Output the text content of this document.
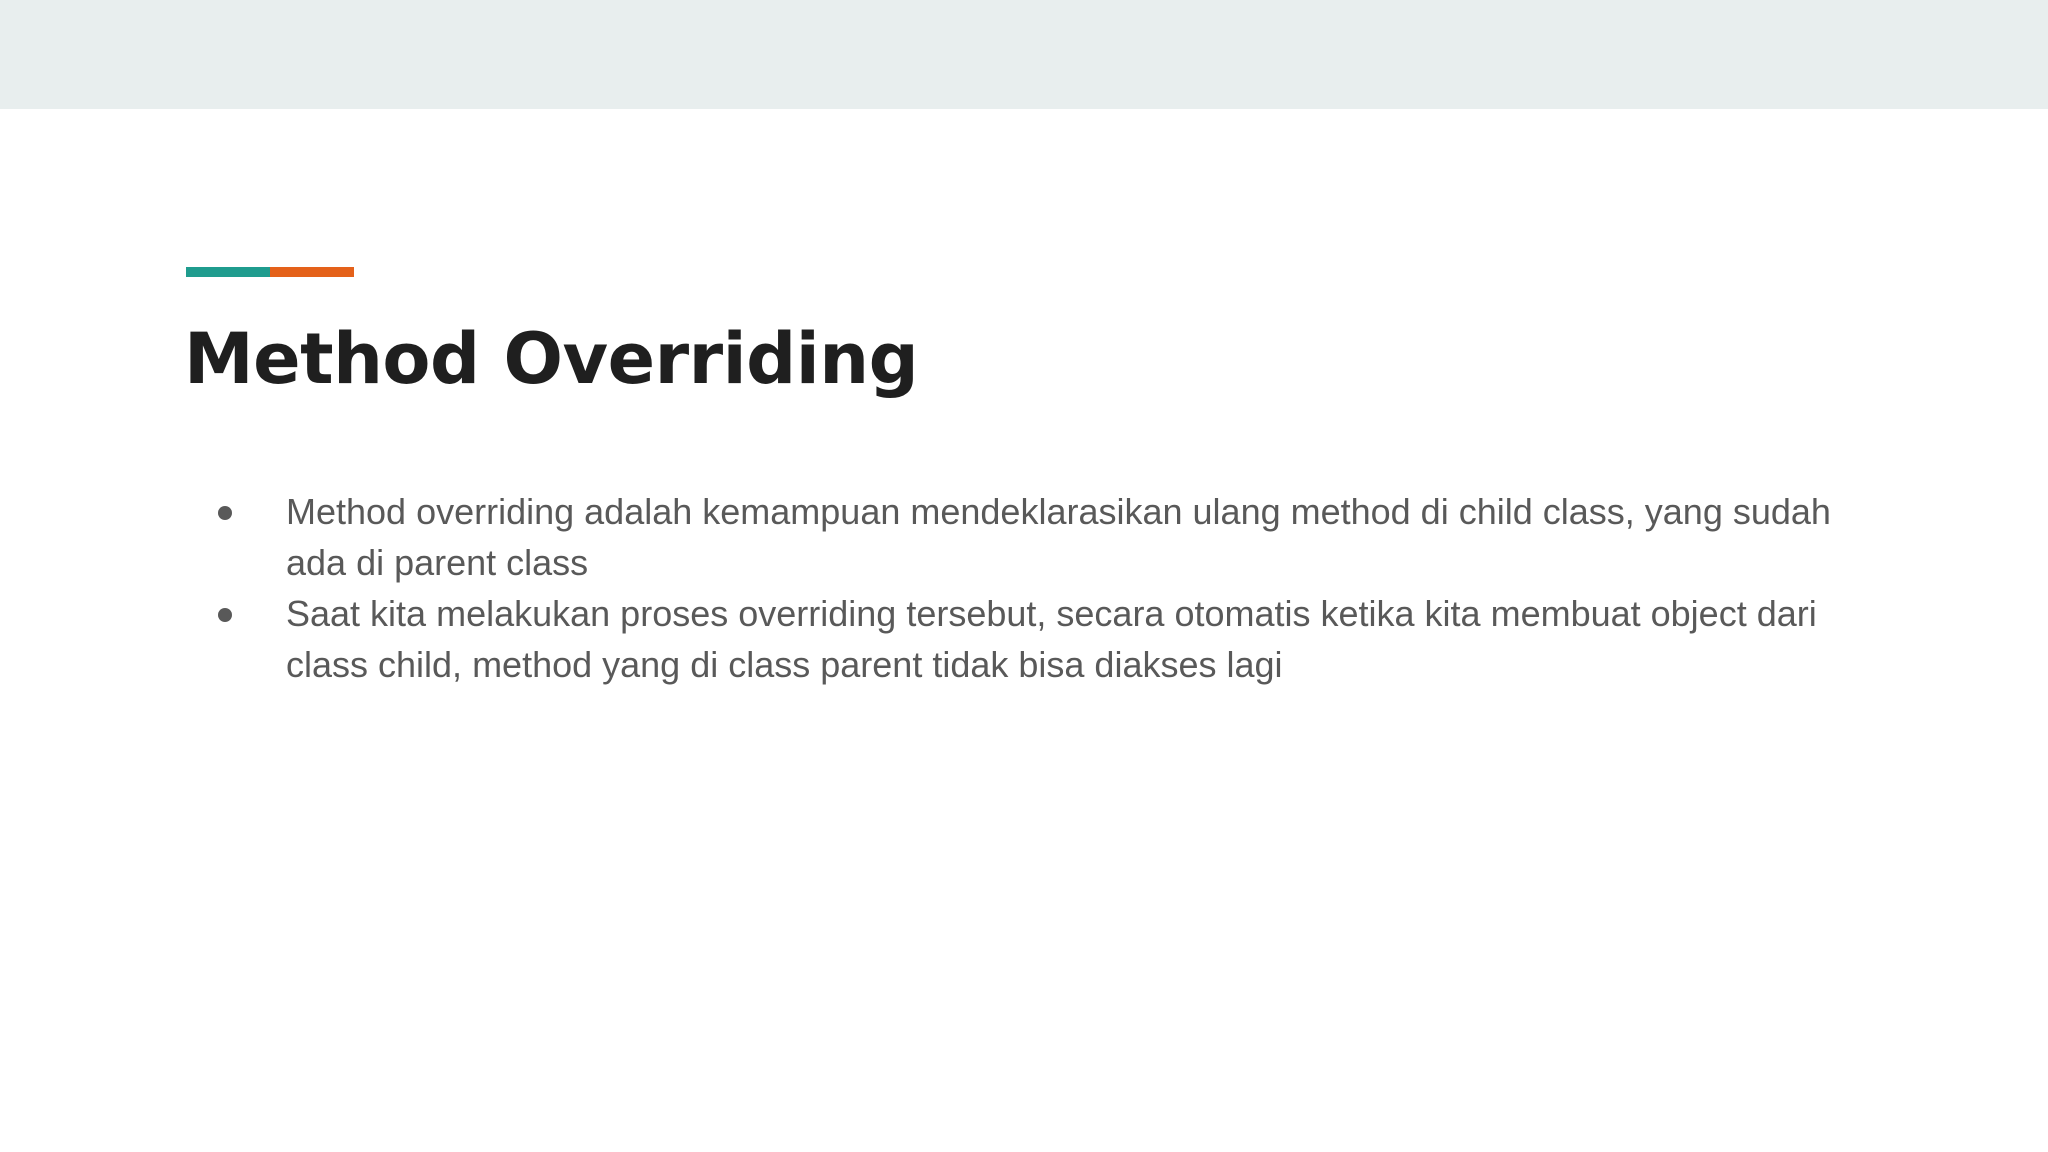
Method Overriding
Method overriding adalah kemampuan mendeklarasikan ulang method di child class, yang sudah ada di parent class
Saat kita melakukan proses overriding tersebut, secara otomatis ketika kita membuat object dari class child, method yang di class parent tidak bisa diakses lagi
